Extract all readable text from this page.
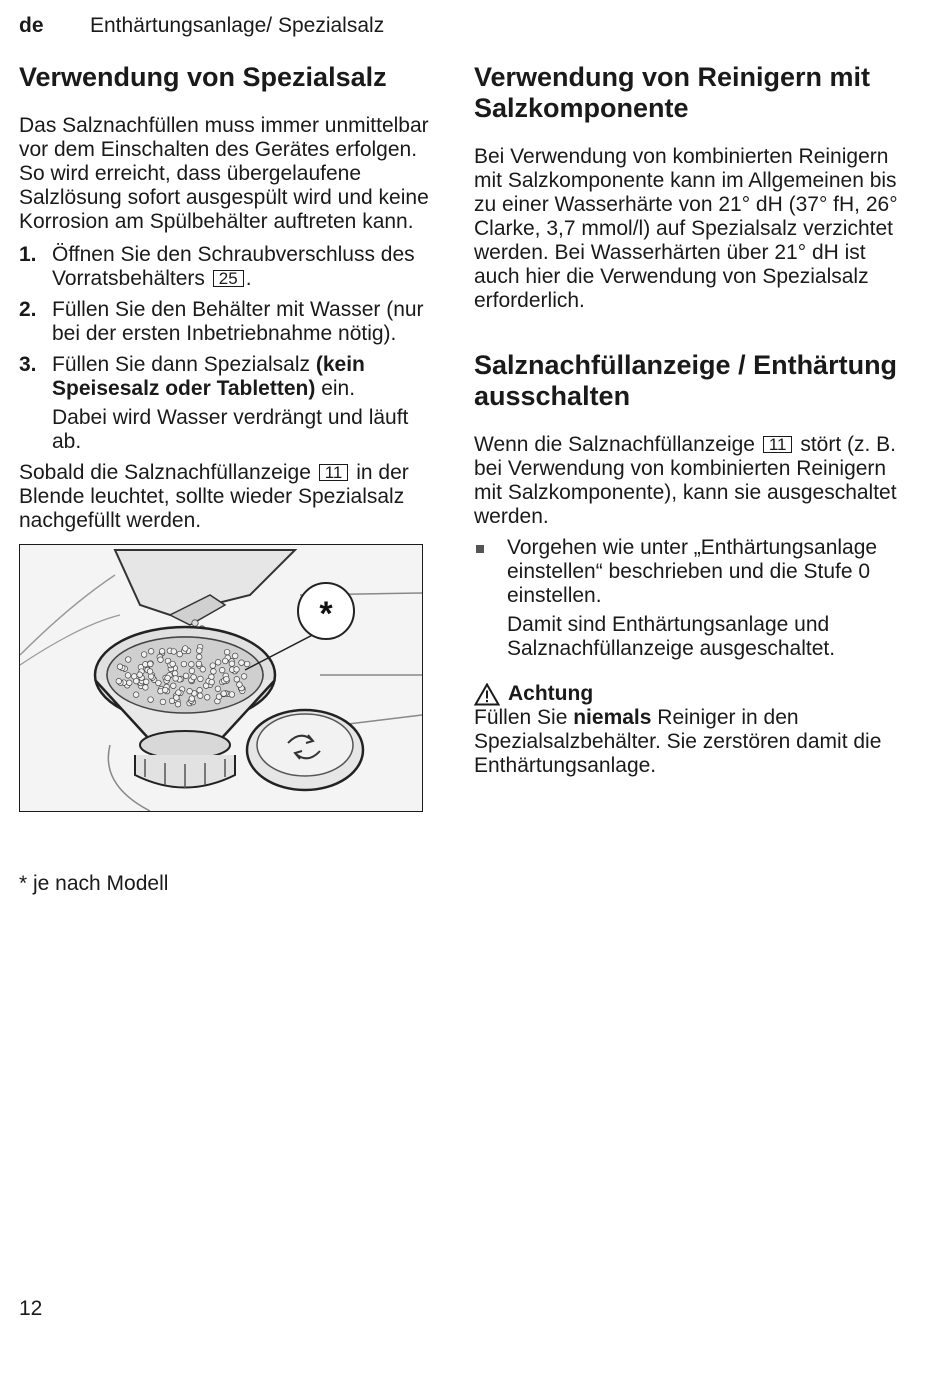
de Enthärtungsanlage/ Spezialsalz
Verwendung von Spezialsalz

Das Salznachfüllen muss immer unmittelbar vor dem Einschalten des Gerätes erfolgen. So wird erreicht, dass übergelaufene Salzlösung sofort ausgespült wird und keine Korrosion am Spülbehälter auftreten kann.

1. Öffnen Sie den Schraubverschluss des Vorratsbehälters 25 .

2. Füllen Sie den Behälter mit Wasser (nur bei der ersten Inbetriebnahme nötig).

3. Füllen Sie dann Spezialsalz (kein Speisesalz oder Tabletten) ein.

Dabei wird Wasser verdrängt und läuft ab.

Sobald die Salznachfüllanzeige 11 in der Blende leuchtet, sollte wieder Spezialsalz nachgefüllt werden.

*
* je nach Modell
Verwendung von Reinigern mit Salzkomponente

Bei Verwendung von kombinierten Reinigern mit Salzkomponente kann im Allgemeinen bis zu einer Wasserhärte von 21° dH (37° fH, 26° Clarke, 3,7 mmol/l) auf Spezialsalz verzichtet werden. Bei Wasserhärten über 21° dH ist auch hier die Verwendung von Spezialsalz erforderlich.

Salznachfüllanzeige / Enthärtung ausschalten

Wenn die Salznachfüllanzeige 11 stört (z. B. bei Verwendung von kombinierten Reinigern mit Salzkomponente), kann sie ausgeschaltet werden.

Vorgehen wie unter „Enthärtungsanlage einstellen“ beschrieben und die Stufe 0 einstellen.

Damit sind Enthärtungsanlage und Salznachfüllanzeige ausgeschaltet.

Achtung

Füllen Sie niemals Reiniger in den Spezialsalzbehälter. Sie zerstören damit die Enthärtungsanlage.

12
